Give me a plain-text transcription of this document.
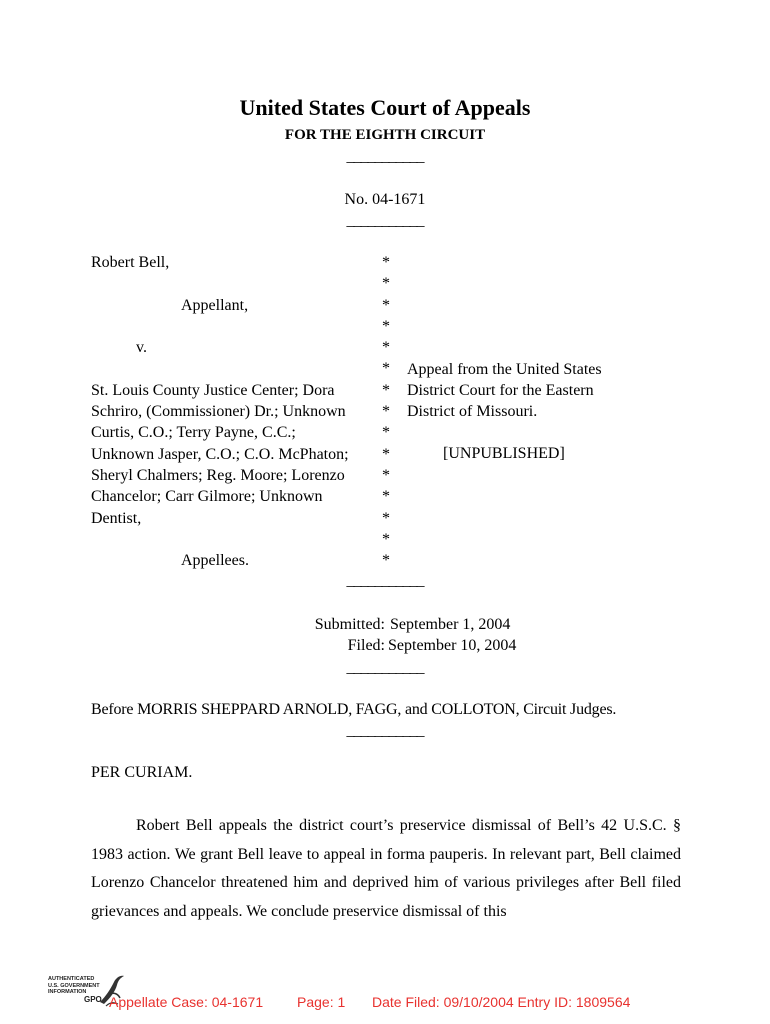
United States Court of Appeals
FOR THE EIGHTH CIRCUIT
___________
No. 04-1671
___________
Robert Bell,
Appellant,
v.
St. Louis County Justice Center; Dora
Schriro, (Commissioner) Dr.; Unknown
Curtis, C.O.; Terry Payne, C.C.;
Unknown Jasper, C.O.; C.O. McPhaton;
Sheryl Chalmers; Reg. Moore; Lorenzo
Chancelor; Carr Gilmore; Unknown
Dentist,
Appellees.
*
*
*
*
*
*
*
*
*
*
*
*
*
*
*
Appeal from the United States
District Court for the Eastern
District of Missouri.
[UNPUBLISHED]
___________
Submitted: September 1, 2004
Filed: September 10, 2004
___________
Before MORRIS SHEPPARD ARNOLD, FAGG, and COLLOTON, Circuit Judges.
___________
PER CURIAM.
Robert Bell appeals the district court’s preservice dismissal of Bell’s 42 U.S.C. § 1983 action. We grant Bell leave to appeal in forma pauperis. In relevant part, Bell claimed Lorenzo Chancelor threatened him and deprived him of various privileges after Bell filed grievances and appeals. We conclude preservice dismissal of this
AUTHENTICATED
U.S. GOVERNMENT
INFORMATION
GPO Appellate Case: 04-1671 Page: 1 Date Filed: 09/10/2004 Entry ID: 1809564
